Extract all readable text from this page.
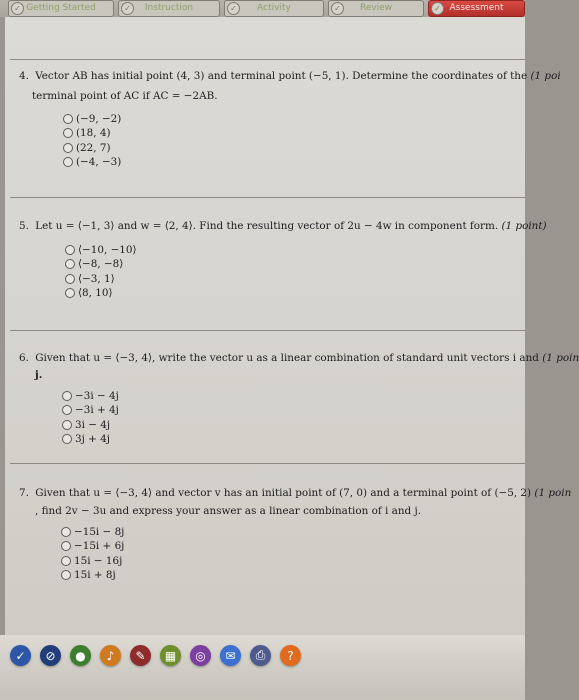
✓ Getting Started	✓	Instruction	✓	Activity	✓	Review	✓ Assessment
4. Vector AB has initial point (4, 3) and terminal point (−5, 1). Determine the coordinates of the (1 poi
terminal point of AC if AC = −2AB.
(−9, −2)
(18, 4)
(22, 7)
(−4, −3)
5. Let u = ⟨−1, 3⟩ and w = ⟨2, 4⟩. Find the resulting vector of 2u − 4w in component form. (1 point)
⟨−10, −10⟩
⟨−8, −8⟩
⟨−3, 1⟩
⟨8, 10⟩
6. Given that u = ⟨−3, 4⟩, write the vector u as a linear combination of standard unit vectors i and (1 poin
j.
−3i − 4j
−3i + 4j
3i − 4j
3j + 4j
7. Given that u = ⟨−3, 4⟩ and vector v has an initial point of (7, 0) and a terminal point of (−5, 2) (1 poin
, find 2v − 3u and express your answer as a linear combination of i and j.
−15i − 8j
−15i + 6j
15i − 16j
15i + 8j
✓	⊘	●	♪	✎	▦	◎	✉	⎙	?
